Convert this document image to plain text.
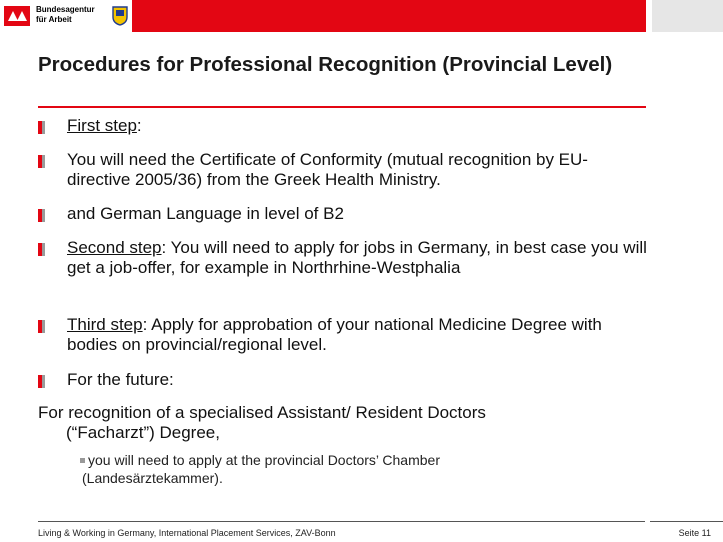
Bundesagentur
für Arbeit
Procedures for Professional Recognition (Provincial Level)
First step:
You will need the Certificate of Conformity (mutual recognition by EU-directive 2005/36) from the Greek Health Ministry.
and German Language in level of B2
Second step: You will need to apply for jobs in Germany, in best case you will get a job-offer, for example in Northrhine-Westphalia
Third step: Apply for approbation of your national Medicine Degree with bodies on provincial/regional level.
For the future:
For recognition of a specialised Assistant/ Resident Doctors
(“Facharzt”) Degree,
you will need to apply at the provincial Doctors’ Chamber
(Landesärztekammer).
Living & Working in Germany, International Placement Services, ZAV-Bonn	Seite 11
